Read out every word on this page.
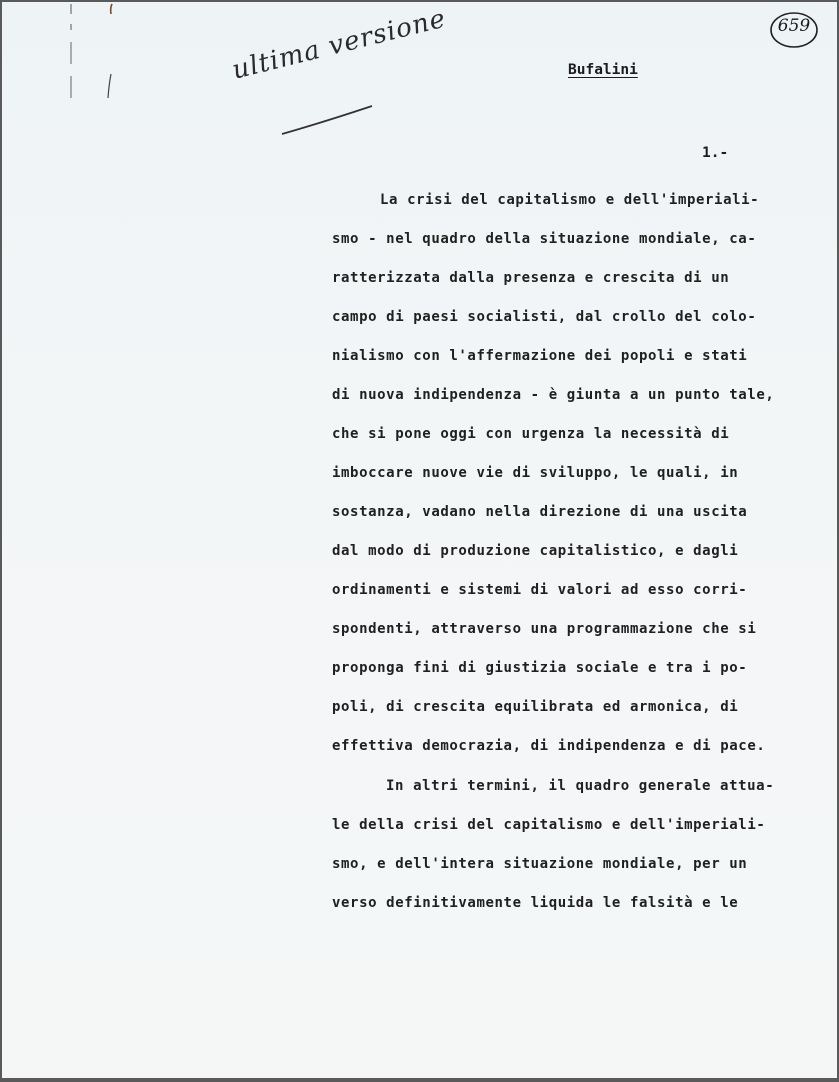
659
ultima versione	Bufalini
1.-
La crisi del capitalismo e dell'imperiali-
smo - nel quadro della situazione mondiale, ca-
ratterizzata dalla presenza e crescita di un
campo di paesi socialisti, dal crollo del colo-
nialismo con l'affermazione dei popoli e stati
di nuova indipendenza - è giunta a un punto tale,
che si pone oggi con urgenza la necessità di
imboccare nuove vie di sviluppo, le quali, in
sostanza, vadano nella direzione di una uscita
dal modo di produzione capitalistico, e dagli
ordinamenti e sistemi di valori ad esso corri-
spondenti, attraverso una programmazione che si
proponga fini di giustizia sociale e tra i po-
poli, di crescita equilibrata ed armonica, di
effettiva democrazia, di indipendenza e di pace.
In altri termini, il quadro generale attua-
le della crisi del capitalismo e dell'imperiali-
smo, e dell'intera situazione mondiale, per un
verso definitivamente liquida le falsità e le
